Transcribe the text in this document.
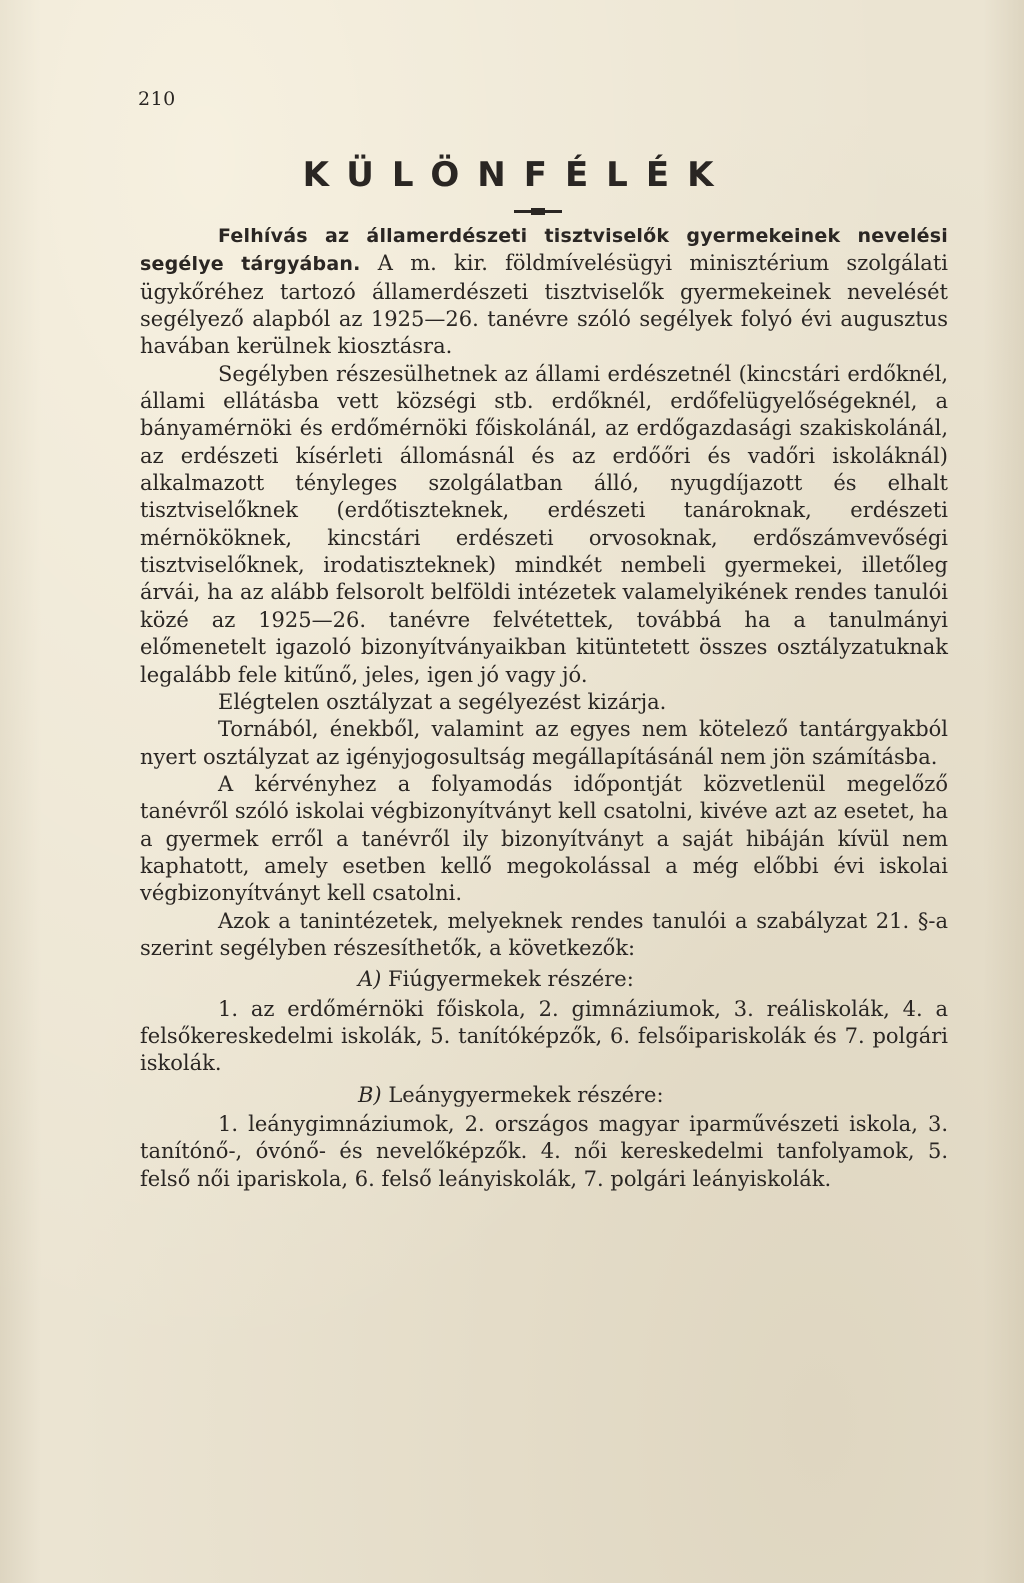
210
KÜLÖNFÉLÉK

Felhívás az államerdészeti tisztviselők gyermekeinek nevelési segélye tárgyában. A m. kir. földmívelésügyi minisztérium szolgálati ügykőréhez tartozó államerdészeti tisztviselők gyermekeinek nevelését segélyező alapból az 1925—26. tanévre szóló segélyek folyó évi augusztus havában kerülnek kiosztásra.

Segélyben részesülhetnek az állami erdészetnél (kincstári erdőknél, állami ellátásba vett községi stb. erdőknél, erdőfelügyelőségeknél, a bányamérnöki és erdőmérnöki főiskolánál, az erdőgazdasági szakiskolánál, az erdészeti kísérleti állomásnál és az erdőőri és vadőri iskoláknál) alkalmazott tényleges szolgálatban álló, nyugdíjazott és elhalt tisztviselőknek (erdőtiszteknek, erdészeti tanároknak, erdészeti mérnököknek, kincstári erdészeti orvosoknak, erdőszámvevőségi tisztviselőknek, irodatiszteknek) mindkét nembeli gyermekei, illetőleg árvái, ha az alább felsorolt belföldi intézetek valamelyikének rendes tanulói közé az 1925—26. tanévre felvétettek, továbbá ha a tanulmányi előmenetelt igazoló bizonyítványaikban kitüntetett összes osztályzatuknak legalább fele kitűnő, jeles, igen jó vagy jó.

Elégtelen osztályzat a segélyezést kizárja.

Tornából, énekből, valamint az egyes nem kötelező tantárgyakból nyert osztályzat az igényjogosultság megállapításánál nem jön számításba.

A kérvényhez a folyamodás időpontját közvetlenül megelőző tanévről szóló iskolai végbizonyítványt kell csatolni, kivéve azt az esetet, ha a gyermek erről a tanévről ily bizonyítványt a saját hibáján kívül nem kaphatott, amely esetben kellő megokolással a még előbbi évi iskolai végbizonyítványt kell csatolni.

Azok a tanintézetek, melyeknek rendes tanulói a szabályzat 21. §-a szerint segélyben részesíthetők, a következők:

A) Fiúgyermekek részére:

1. az erdőmérnöki főiskola, 2. gimnáziumok, 3. reáliskolák, 4. a felsőkereskedelmi iskolák, 5. tanítóképzők, 6. felsőipariskolák és 7. polgári iskolák.

B) Leánygyermekek részére:

1. leánygimnáziumok, 2. országos magyar iparművészeti iskola, 3. tanítónő-, óvónő- és nevelőképzők. 4. női kereskedelmi tanfolyamok, 5. felső női ipariskola, 6. felső leányiskolák, 7. polgári leányiskolák.
